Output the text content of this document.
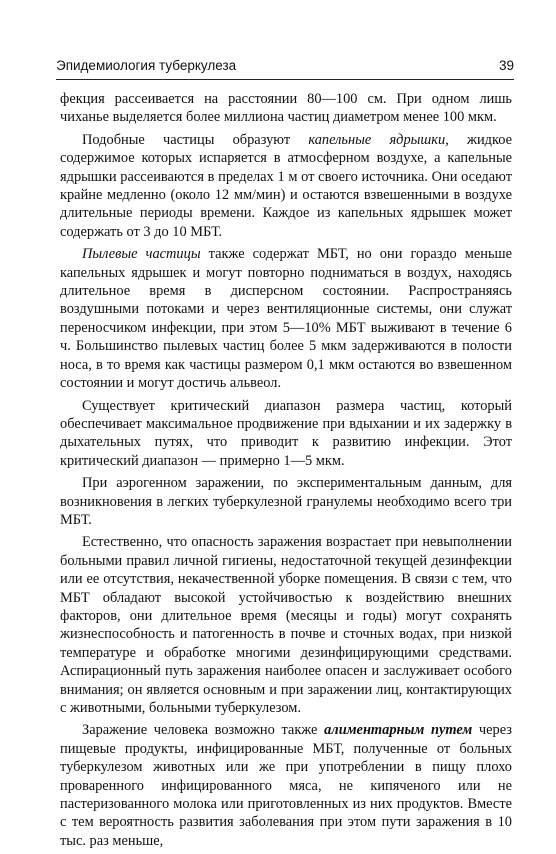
Эпидемиология туберкулеза	39

фекция рассеивается на расстоянии 80—100 см. При одном лишь чиханье выделяется более миллиона частиц диаметром менее 100 мкм.

Подобные частицы образуют капельные ядрышки, жидкое содержимое которых испаряется в атмосферном воздухе, а капельные ядрышки рассеиваются в пределах 1 м от своего источника. Они оседают крайне медленно (около 12 мм/мин) и остаются взвешенными в воздухе длительные периоды времени. Каждое из капельных ядрышек может содержать от 3 до 10 МБТ.

Пылевые частицы также содержат МБТ, но они гораздо меньше капельных ядрышек и могут повторно подниматься в воздух, находясь длительное время в дисперсном состоянии. Распространяясь воздушными потоками и через вентиляционные системы, они служат переносчиком инфекции, при этом 5—10% МБТ выживают в течение 6 ч. Большинство пылевых частиц более 5 мкм задерживаются в полости носа, в то время как частицы размером 0,1 мкм остаются во взвешенном состоянии и могут достичь альвеол.

Существует критический диапазон размера частиц, который обеспечивает максимальное продвижение при вдыхании и их задержку в дыхательных путях, что приводит к развитию инфекции. Этот критический диапазон — примерно 1—5 мкм.

При аэрогенном заражении, по экспериментальным данным, для возникновения в легких туберкулезной гранулемы необходимо всего три МБТ.

Естественно, что опасность заражения возрастает при невыполнении больными правил личной гигиены, недостаточной текущей дезинфекции или ее отсутствия, некачественной уборке помещения. В связи с тем, что МБТ обладают высокой устойчивостью к воздействию внешних факторов, они длительное время (месяцы и годы) могут сохранять жизнеспособность и патогенность в почве и сточных водах, при низкой температуре и обработке многими дезинфицирующими средствами. Аспирационный путь заражения наиболее опасен и заслуживает особого внимания; он является основным и при заражении лиц, контактирующих с животными, больными туберкулезом.

Заражение человека возможно также алиментарным путем через пищевые продукты, инфицированные МБТ, полученные от больных туберкулезом животных или же при употреблении в пищу плохо проваренного инфицированного мяса, не кипяченого или не пастеризованного молока или приготовленных из них продуктов. Вместе с тем вероятность развития заболевания при этом пути заражения в 10 тыс. раз меньше,
